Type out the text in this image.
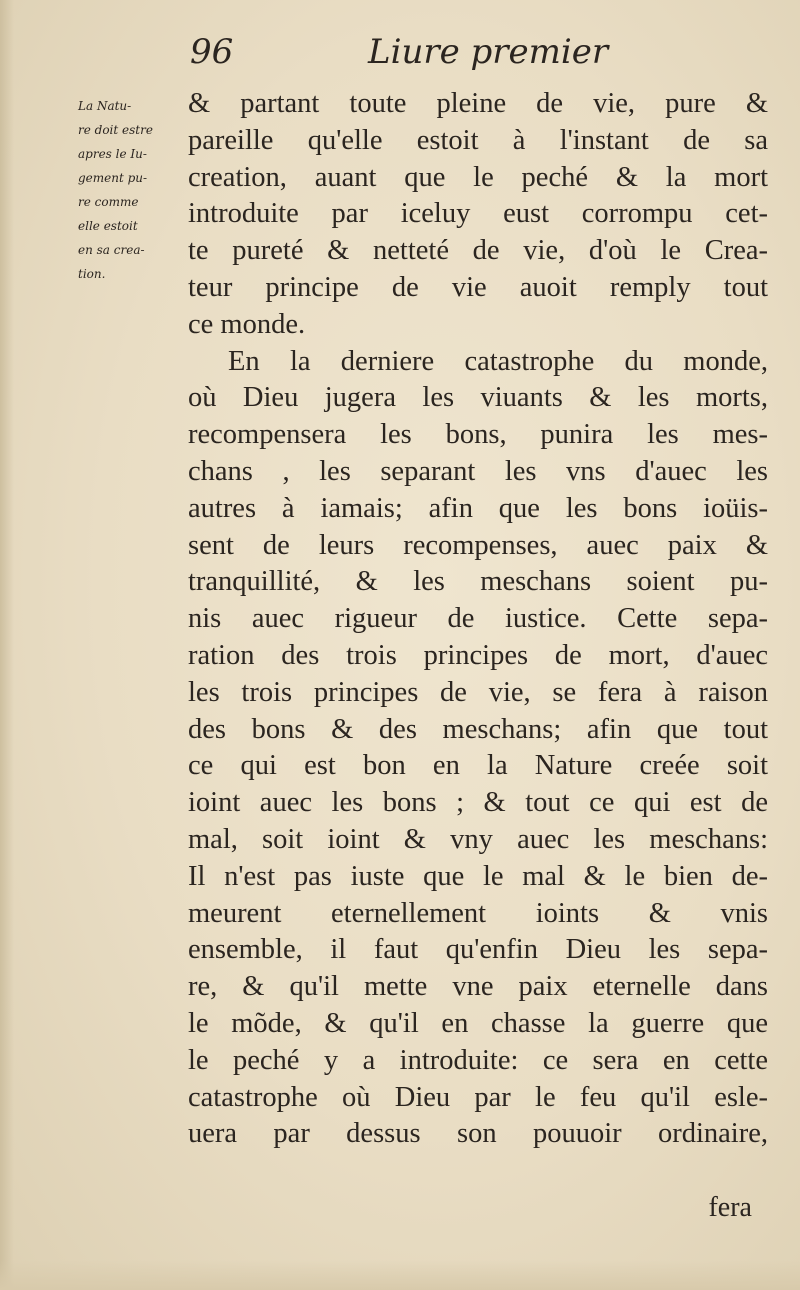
96	Liure premier
La Natu-
re doit estre
apres le Iu-
gement pu-
re comme
elle estoit
en sa crea-
tion.
& partant toute pleine de vie, pure &
pareille qu'elle estoit à l'instant de sa
creation, auant que le peché & la mort
introduite par iceluy eust corrompu cet-
te pureté & netteté de vie, d'où le Crea-
teur principe de vie auoit remply tout
ce monde.
En la derniere catastrophe du monde,
où Dieu jugera les viuants & les morts,
recompensera les bons, punira les mes-
chans , les separant les vns d'auec les
autres à iamais; afin que les bons ioüis-
sent de leurs recompenses, auec paix &
tranquillité, & les meschans soient pu-
nis auec rigueur de iustice. Cette sepa-
ration des trois principes de mort, d'auec
les trois principes de vie, se fera à raison
des bons & des meschans; afin que tout
ce qui est bon en la Nature creée soit
ioint auec les bons ; & tout ce qui est de
mal, soit ioint & vny auec les meschans:
Il n'est pas iuste que le mal & le bien de-
meurent eternellement ioints & vnis
ensemble, il faut qu'enfin Dieu les sepa-
re, & qu'il mette vne paix eternelle dans
le mõde, & qu'il en chasse la guerre que
le peché y a introduite: ce sera en cette
catastrophe où Dieu par le feu qu'il esle-
uera par dessus son pouuoir ordinaire,
fera
